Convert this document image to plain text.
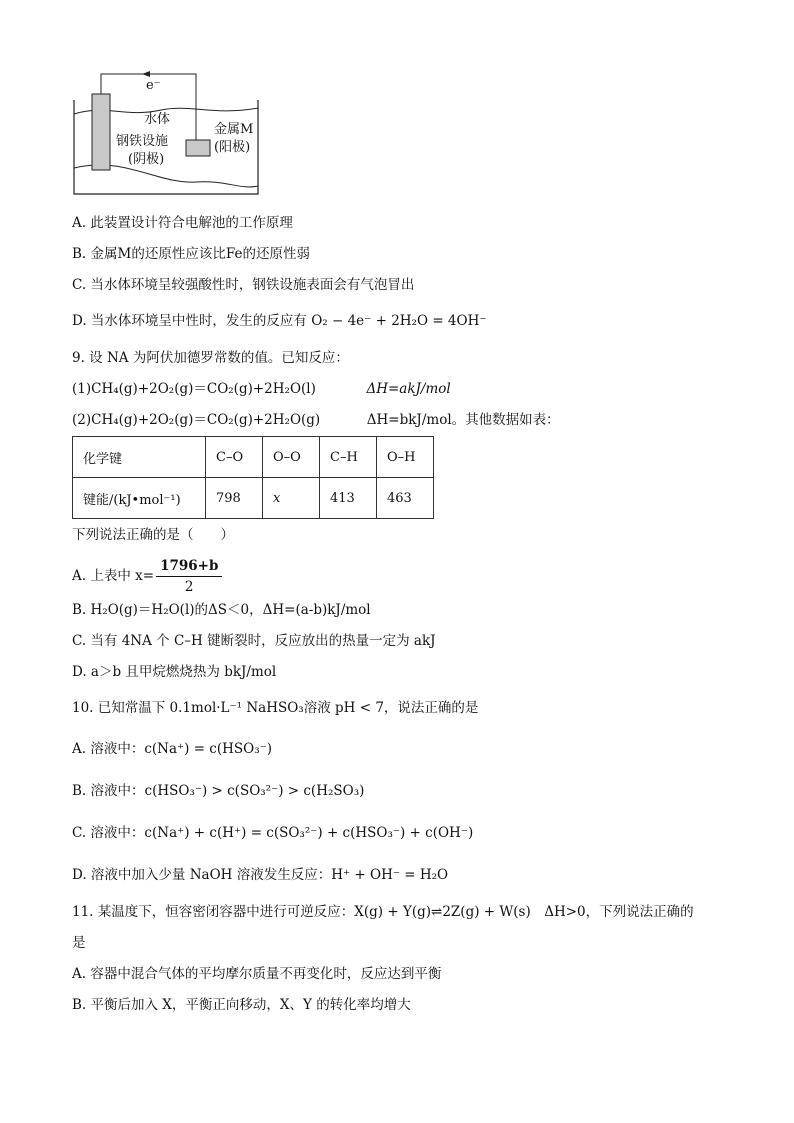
e⁻
水体
钢铁设施
(阴极)
金属M
(阳极)
A. 此装置设计符合电解池的工作原理
B. 金属M的还原性应该比Fe的还原性弱
C. 当水体环境呈较强酸性时，钢铁设施表面会有气泡冒出
D. 当水体环境呈中性时，发生的反应有 O₂ − 4e⁻ + 2H₂O = 4OH⁻
9. 设 NA 为阿伏加德罗常数的值。已知反应：
(1)CH₄(g)+2O₂(g)＝CO₂(g)+2H₂O(l)	ΔH=akJ/mol
(2)CH₄(g)+2O₂(g)＝CO₂(g)+2H₂O(g)	ΔH=bkJ/mol。其他数据如表：
化学键	C–O	O–O	C–H	O–H
键能/(kJ•mol⁻¹)	798	x	413	463
下列说法正确的是（　　）
A. 上表中 $x= \frac{1796+b}{2}$
B. H₂O(g)＝H₂O(l)的ΔS＜0，ΔH=(a-b)kJ/mol
C. 当有 4NA 个 C–H 键断裂时，反应放出的热量一定为 akJ
D. a＞b 且甲烷燃烧热为 bkJ/mol
10. 已知常温下 0.1mol·L⁻¹ NaHSO₃溶液 pH < 7，说法正确的是
A. 溶液中：c(Na⁺) = c(HSO₃⁻)
B. 溶液中：c(HSO₃⁻) > c(SO₃²⁻) > c(H₂SO₃)
C. 溶液中：c(Na⁺) + c(H⁺) = c(SO₃²⁻) + c(HSO₃⁻) + c(OH⁻)
D. 溶液中加入少量 NaOH 溶液发生反应：H⁺ + OH⁻ = H₂O
11. 某温度下，恒容密闭容器中进行可逆反应：X(g) + Y(g)⇌2Z(g) + W(s)　ΔH>0，下列说法正确的
是
A. 容器中混合气体的平均摩尔质量不再变化时，反应达到平衡
B. 平衡后加入 X，平衡正向移动，X、Y 的转化率均增大
